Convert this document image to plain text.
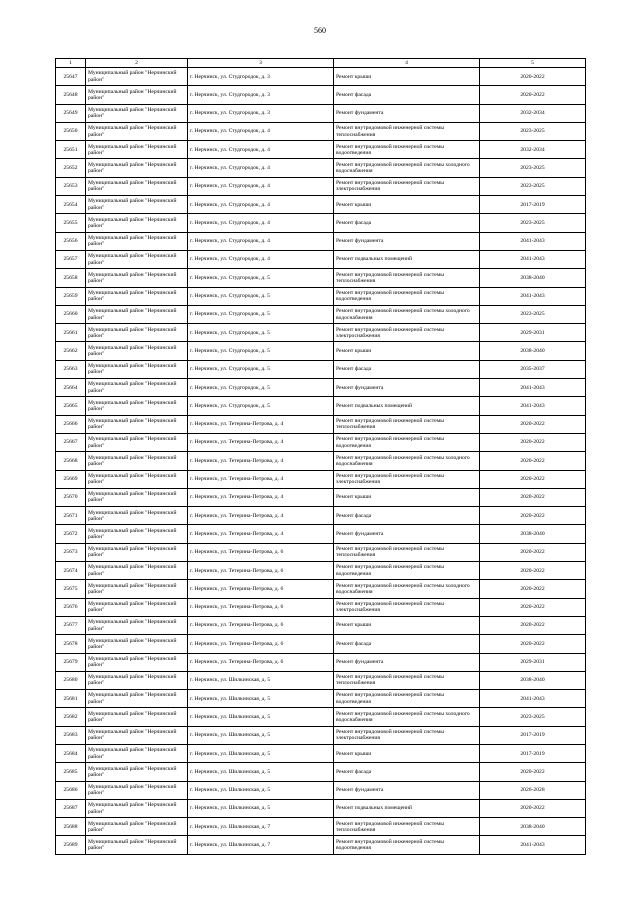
560
1	2	3	4	5
25647	Муниципальный район "Нерчинский район"	г. Нерчинск, ул. Студгородок, д. 3	Ремонт крыши	2020-2022
25648	Муниципальный район "Нерчинский район"	г. Нерчинск, ул. Студгородок, д. 3	Ремонт фасада	2020-2022
25649	Муниципальный район "Нерчинский район"	г. Нерчинск, ул. Студгородок, д. 3	Ремонт фундамента	2032-2034
25650	Муниципальный район "Нерчинский район"	г. Нерчинск, ул. Студгородок, д. 4	Ремонт внутридомовой инженерной системы теплоснабжения	2023-2025
25651	Муниципальный район "Нерчинский район"	г. Нерчинск, ул. Студгородок, д. 4	Ремонт внутридомовой инженерной системы водоотведения	2032-2034
25652	Муниципальный район "Нерчинский район"	г. Нерчинск, ул. Студгородок, д. 4	Ремонт внутридомовой инженерной системы холодного водоснабжения	2023-2025
25653	Муниципальный район "Нерчинский район"	г. Нерчинск, ул. Студгородок, д. 4	Ремонт внутридомовой инженерной системы электроснабжения	2023-2025
25654	Муниципальный район "Нерчинский район"	г. Нерчинск, ул. Студгородок, д. 4	Ремонт крыши	2017-2019
25655	Муниципальный район "Нерчинский район"	г. Нерчинск, ул. Студгородок, д. 4	Ремонт фасада	2023-2025
25656	Муниципальный район "Нерчинский район"	г. Нерчинск, ул. Студгородок, д. 4	Ремонт фундамента	2041-2043
25657	Муниципальный район "Нерчинский район"	г. Нерчинск, ул. Студгородок, д. 4	Ремонт подвальных помещений	2041-2043
25658	Муниципальный район "Нерчинский район"	г. Нерчинск, ул. Студгородок, д. 5	Ремонт внутридомовой инженерной системы теплоснабжения	2038-2040
25659	Муниципальный район "Нерчинский район"	г. Нерчинск, ул. Студгородок, д. 5	Ремонт внутридомовой инженерной системы водоотведения	2041-2043
25660	Муниципальный район "Нерчинский район"	г. Нерчинск, ул. Студгородок, д. 5	Ремонт внутридомовой инженерной системы холодного водоснабжения	2023-2025
25661	Муниципальный район "Нерчинский район"	г. Нерчинск, ул. Студгородок, д. 5	Ремонт внутридомовой инженерной системы электроснабжения	2029-2031
25662	Муниципальный район "Нерчинский район"	г. Нерчинск, ул. Студгородок, д. 5	Ремонт крыши	2038-2040
25663	Муниципальный район "Нерчинский район"	г. Нерчинск, ул. Студгородок, д. 5	Ремонт фасада	2035-2037
25664	Муниципальный район "Нерчинский район"	г. Нерчинск, ул. Студгородок, д. 5	Ремонт фундамента	2041-2043
25665	Муниципальный район "Нерчинский район"	г. Нерчинск, ул. Студгородок, д. 5	Ремонт подвальных помещений	2041-2043
25666	Муниципальный район "Нерчинский район"	г. Нерчинск, ул. Тетерина-Петрова, д. 4	Ремонт внутридомовой инженерной системы теплоснабжения	2020-2022
25667	Муниципальный район "Нерчинский район"	г. Нерчинск, ул. Тетерина-Петрова, д. 4	Ремонт внутридомовой инженерной системы водоотведения	2020-2022
25668	Муниципальный район "Нерчинский район"	г. Нерчинск, ул. Тетерина-Петрова, д. 4	Ремонт внутридомовой инженерной системы холодного водоснабжения	2020-2022
25669	Муниципальный район "Нерчинский район"	г. Нерчинск, ул. Тетерина-Петрова, д. 4	Ремонт внутридомовой инженерной системы электроснабжения	2020-2022
25670	Муниципальный район "Нерчинский район"	г. Нерчинск, ул. Тетерина-Петрова, д. 4	Ремонт крыши	2020-2022
25671	Муниципальный район "Нерчинский район"	г. Нерчинск, ул. Тетерина-Петрова, д. 4	Ремонт фасада	2020-2022
25672	Муниципальный район "Нерчинский район"	г. Нерчинск, ул. Тетерина-Петрова, д. 4	Ремонт фундамента	2038-2040
25673	Муниципальный район "Нерчинский район"	г. Нерчинск, ул. Тетерина-Петрова, д. 6	Ремонт внутридомовой инженерной системы теплоснабжения	2020-2022
25674	Муниципальный район "Нерчинский район"	г. Нерчинск, ул. Тетерина-Петрова, д. 6	Ремонт внутридомовой инженерной системы водоотведения	2020-2022
25675	Муниципальный район "Нерчинский район"	г. Нерчинск, ул. Тетерина-Петрова, д. 6	Ремонт внутридомовой инженерной системы холодного водоснабжения	2020-2022
25676	Муниципальный район "Нерчинский район"	г. Нерчинск, ул. Тетерина-Петрова, д. 6	Ремонт внутридомовой инженерной системы электроснабжения	2020-2022
25677	Муниципальный район "Нерчинский район"	г. Нерчинск, ул. Тетерина-Петрова, д. 6	Ремонт крыши	2020-2022
25678	Муниципальный район "Нерчинский район"	г. Нерчинск, ул. Тетерина-Петрова, д. 6	Ремонт фасада	2020-2022
25679	Муниципальный район "Нерчинский район"	г. Нерчинск, ул. Тетерина-Петрова, д. 6	Ремонт фундамента	2029-2031
25680	Муниципальный район "Нерчинский район"	г. Нерчинск, ул. Шилкинская, д. 5	Ремонт внутридомовой инженерной системы теплоснабжения	2038-2040
25681	Муниципальный район "Нерчинский район"	г. Нерчинск, ул. Шилкинская, д. 5	Ремонт внутридомовой инженерной системы водоотведения	2041-2043
25682	Муниципальный район "Нерчинский район"	г. Нерчинск, ул. Шилкинская, д. 5	Ремонт внутридомовой инженерной системы холодного водоснабжения	2023-2025
25683	Муниципальный район "Нерчинский район"	г. Нерчинск, ул. Шилкинская, д. 5	Ремонт внутридомовой инженерной системы электроснабжения	2017-2019
25684	Муниципальный район "Нерчинский район"	г. Нерчинск, ул. Шилкинская, д. 5	Ремонт крыши	2017-2019
25685	Муниципальный район "Нерчинский район"	г. Нерчинск, ул. Шилкинская, д. 5	Ремонт фасада	2020-2022
25686	Муниципальный район "Нерчинский район"	г. Нерчинск, ул. Шилкинская, д. 5	Ремонт фундамента	2026-2028
25687	Муниципальный район "Нерчинский район"	г. Нерчинск, ул. Шилкинская, д. 5	Ремонт подвальных помещений	2020-2022
25688	Муниципальный район "Нерчинский район"	г. Нерчинск, ул. Шилкинская, д. 7	Ремонт внутридомовой инженерной системы теплоснабжения	2038-2040
25689	Муниципальный район "Нерчинский район"	г. Нерчинск, ул. Шилкинская, д. 7	Ремонт внутридомовой инженерной системы водоотведения	2041-2043
